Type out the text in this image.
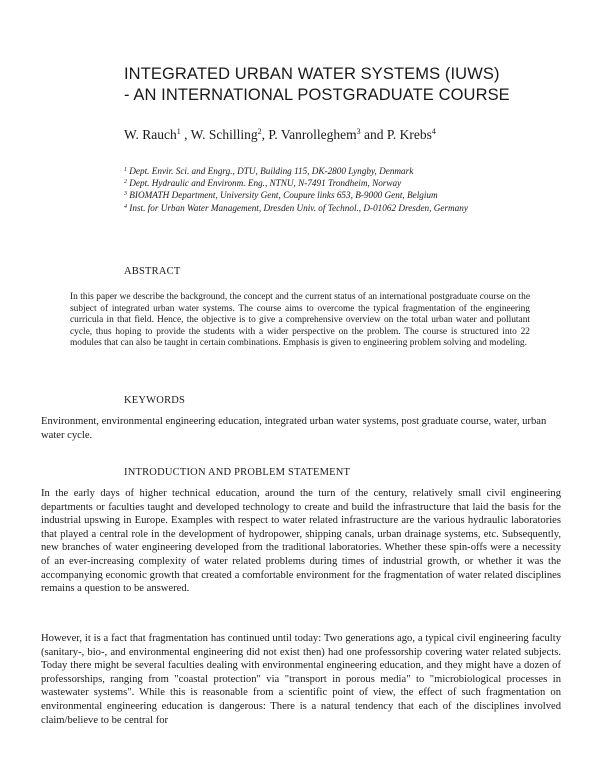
INTEGRATED URBAN WATER SYSTEMS (IUWS)
- AN INTERNATIONAL POSTGRADUATE COURSE
W. Rauch$^1$ , W. Schilling$^2$, P. Vanrolleghem$^3$ and P. Krebs$^4$
$^1$ Dept. Envir. Sci. and Engrg., DTU, Building 115, DK-2800 Lyngby, Denmark
$^2$ Dept. Hydraulic and Environm. Eng., NTNU, N-7491 Trondheim, Norway
$^3$ BIOMATH Department, University Gent, Coupure links 653, B-9000 Gent, Belgium
$^4$ Inst. for Urban Water Management, Dresden Univ. of Technol., D-01062 Dresden, Germany
ABSTRACT
In this paper we describe the background, the concept and the current status of an international postgraduate course on the subject of integrated urban water systems. The course aims to overcome the typical fragmentation of the engineering curricula in that field. Hence, the objective is to give a comprehensive overview on the total urban water and pollutant cycle, thus hoping to provide the students with a wider perspective on the problem. The course is structured into 22 modules that can also be taught in certain combinations. Emphasis is given to engineering problem solving and modeling.
KEYWORDS
Environment, environmental engineering education, integrated urban water systems, post graduate course, water, urban water cycle.
INTRODUCTION AND PROBLEM STATEMENT
In the early days of higher technical education, around the turn of the century, relatively small civil engineering departments or faculties taught and developed technology to create and build the infrastructure that laid the basis for the industrial upswing in Europe. Examples with respect to water related infrastructure are the various hydraulic laboratories that played a central role in the development of hydropower, shipping canals, urban drainage systems, etc. Subsequently, new branches of water engineering developed from the traditional laboratories. Whether these spin-offs were a necessity of an ever-increasing complexity of water related problems during times of industrial growth, or whether it was the accompanying economic growth that created a comfortable environment for the fragmentation of water related disciplines remains a question to be answered.
However, it is a fact that fragmentation has continued until today: Two generations ago, a typical civil engineering faculty (sanitary-, bio-, and environmental engineering did not exist then) had one professorship covering water related subjects. Today there might be several faculties dealing with environmental engineering education, and they might have a dozen of professorships, ranging from "coastal protection" via "transport in porous media" to "microbiological processes in wastewater systems". While this is reasonable from a scientific point of view, the effect of such fragmentation on environmental engineering education is dangerous: There is a natural tendency that each of the disciplines involved claim/believe to be central for
